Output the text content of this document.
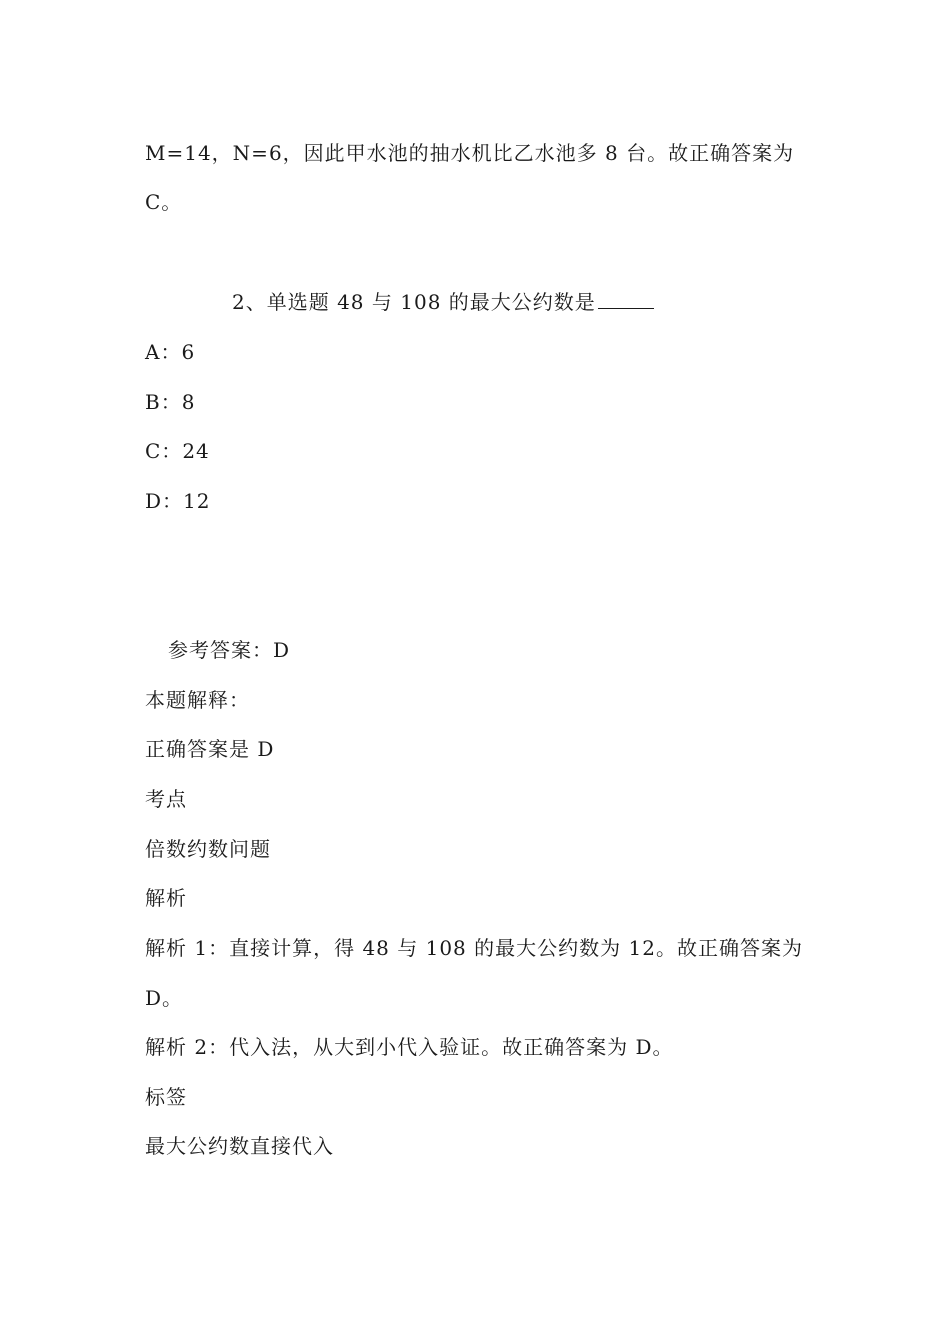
M=14，N=6，因此甲水池的抽水机比乙水池多 8 台。故正确答案为
C。
2、单选题 48 与 108 的最大公约数是
A：6
B：8
C：24
D：12
参考答案：D
本题解释：
正确答案是 D
考点
倍数约数问题
解析
解析 1：直接计算，得 48 与 108 的最大公约数为 12。故正确答案为
D。
解析 2：代入法，从大到小代入验证。故正确答案为 D。
标签
最大公约数直接代入
